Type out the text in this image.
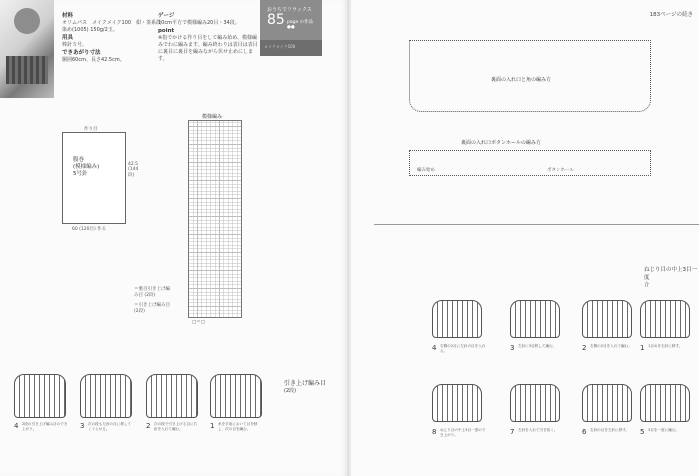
材料
オリムパス　メイクメイク100　紺・茶系段染め(1005) 150g/2玉。
用具
棒針５号。
できあがり寸法
胴囲60cm、長さ42.5cm。
ゲージ
10cm平方で模様編み20目・34段。
point
※指でかける作り目をして編み始め、模様編みでわに編みます。編み終わりは表目は表目に裏目に裏目を編みながら伏せ止めにします。
おうちでリラックス
85 page の作品 ●●
メイクメイク100
作り目
腹巻
(模様編み)
5号針
42.5 (144段)
60 (120目) 作る
模様編み
□＝□
＝裏目引き上げ編み目 (2段)
＝引き上げ編み目 (2段)
4 2段の引き上げ編み目のでき上がり。	3 次の段も左針の目に移してくぐらせる。	2 次の段で引き上げる目に右針を入れて編む。	1 糸を手前において目を移し、次の目を編む。
引き上げ編み目
(2段)
183ページの続き
裏面の入れ口と角の編み方
裏面の入れ口ボタンホールの編み方
ボタンホール
編み始め
ねじり目の中上3目一度
合
4 右側の2目に左針の目を入れる。	3 左針に3目移して編む。	2 右側の2目を入れて編む。	1 1目めを右針に移す。
8 ねじり目の中上3目一度のでき上がり。	7 左針を入れて引き抜く。	6 右針の目を左針に移す。	5 3目を一度に編む。
